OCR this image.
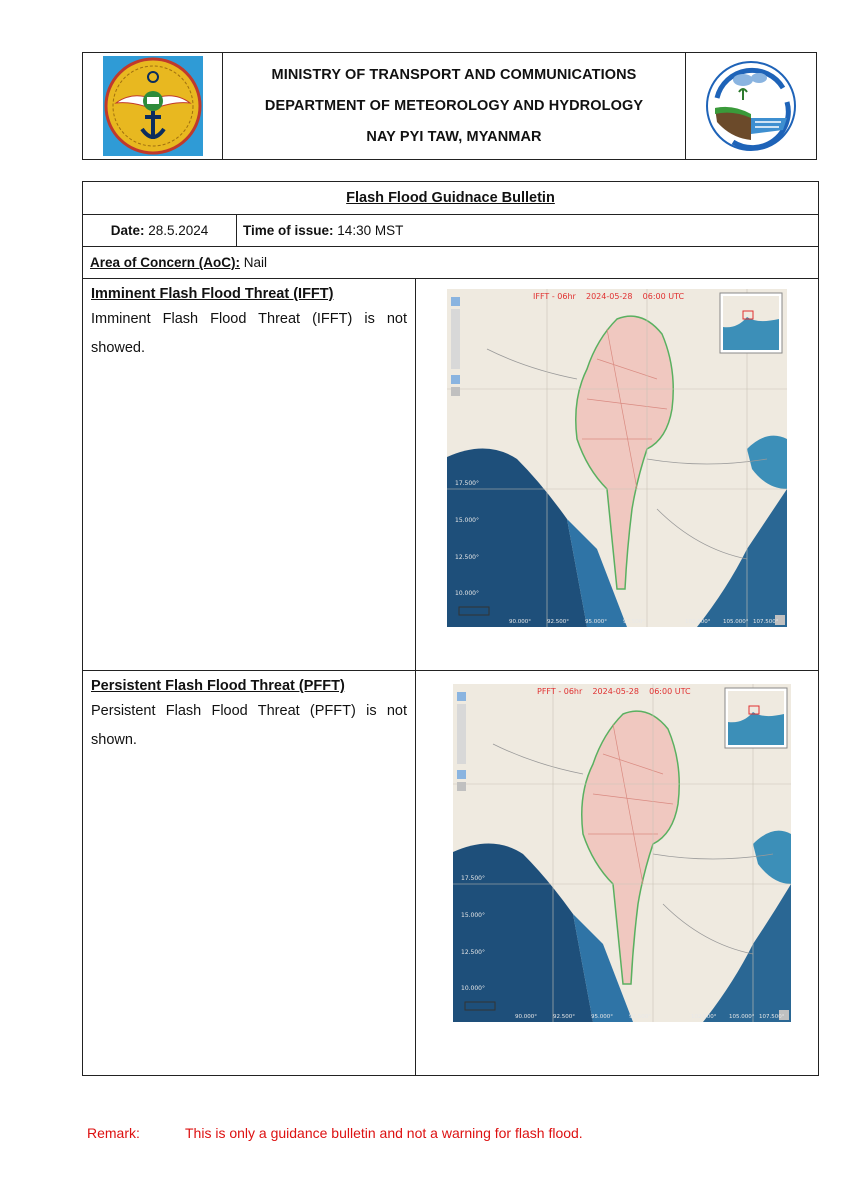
MINISTRY OF TRANSPORT AND COMMUNICATIONS
DEPARTMENT OF METEOROLOGY AND HYDROLOGY
NAY PYI TAW, MYANMAR
Flash Flood Guidnace Bulletin
Date:
28.5.2024	Time of issue:
14:30 MST
Area of Concern (AoC):
Nail
Imminent Flash Flood Threat (IFFT)
Imminent Flash Flood Threat (IFFT) is not showed.
17.500°
15.000°
12.500°
10.000°
90.000°	92.500°	95.000°	97.500°	102.500° 105.000° 107.500°
IFFT - 06hr    2024-05-28    06:00 UTC
Persistent Flash Flood Threat (PFFT)
Persistent Flash Flood Threat (PFFT) is not shown.
17.500°
15.000°
12.500°
10.000°
90.000°	92.500°	95.000°	97.500°	102.500° 105.000° 107.500°
PFFT - 06hr    2024-05-28    06:00 UTC
Remark:	This is only a guidance bulletin and not a warning for flash flood.
